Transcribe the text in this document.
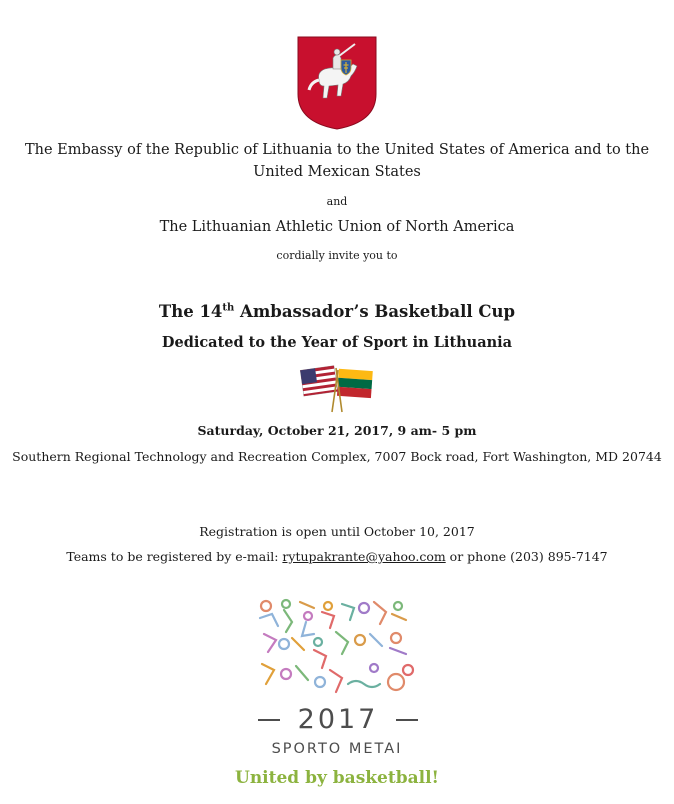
The Embassy of the Republic of Lithuania to the United States of America and to the
United Mexican States
and
The Lithuanian Athletic Union of North America
cordially invite you to
The 14th Ambassador’s Basketball Cup
Dedicated to the Year of Sport in Lithuania
Saturday, October 21, 2017, 9 am- 5 pm
Southern Regional Technology and Recreation Complex, 7007 Bock road, Fort Washington, MD 20744
Registration is open until October 10, 2017
Teams to be registered by e-mail: rytupakrante@yahoo.com or phone (203) 895-7147
2017
SPORTO METAI
United by basketball!
